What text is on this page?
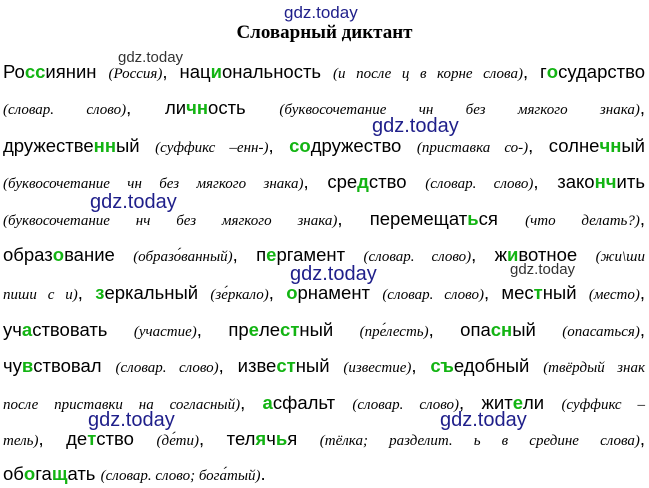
gdz.today
Словарный диктант
Россиянин (Россия), национальность (и после ц в корне слова), государство
(словар. слово), личность (буквосочетание чн без мягкого знака),
дружественный (суффикс –енн-), содружество (приставка со-), солнечный
(буквосочетание чн без мягкого знака), средство (словар. слово), закончить
(буквосочетание нч без мягкого знака), перемещаться (что делать?),
образование (образо́ванный), пергамент (словар. слово), животное (жи\ши
пиши с и), зеркальный (зе́ркало), орнамент (словар. слово), местный (место),
участвовать (участие), прелестный (пре́лесть), опасный (опасаться),
чувствовал (словар. слово), известный (известие), съедобный (твёрдый знак
после приставки на согласный), асфальт (словар. слово), жители (суффикс –
тель), детство (де́ти), телячья (тёлка; разделит. ь в средине слова),
обогащать (словар. слово; бога́тый).
gdz.today
gdz.today
gdz.today
gdz.today	gdz.today
gdz.today	gdz.today
